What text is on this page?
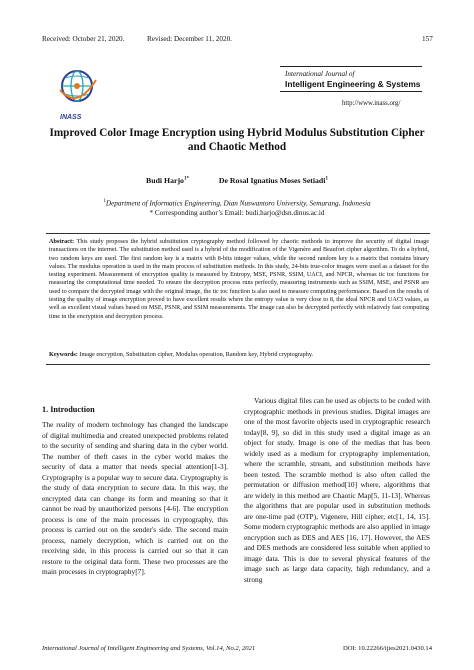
Received: October 21, 2020.	Revised: December 11, 2020.	157
INASS
International Journal of
Intelligent Engineering & Systems
http://www.inass.org/
Improved Color Image Encryption using Hybrid Modulus Substitution Cipher
and Chaotic Method
Budi Harjo$^{1*}$	De Rosal Ignatius Moses Setiadi$^1$
$^1$Department of Informatics Engineering, Dian Nuswantoro University, Semarang, Indonesia
* Corresponding author’s Email: budi.harjo@dsn.dinus.ac.id
Abstract: This study proposes the hybrid substitution cryptography method followed by chaotic methods to improve the security of digital image transactions on the internet. The substitution method used is a hybrid of the modification of the Vigenère and Beaufort cipher algorithm. To do a hybrid, two random keys are used. The first random key is a matrix with 8-bits integer values, while the second random key is a matrix that contains binary values. The modulus operation is used in the main process of substitution methods. In this study, 24-bits true-color images were used as a dataset for the testing experiment. Measurement of encryption quality is measured by Entropy, MSE, PSNR, SSIM, UACI, and NPCR, whereas tic toc functions for measuring the computational time needed. To ensure the decryption process runs perfectly, measuring instruments such as SSIM, MSE, and PSNR are used to compare the decrypted image with the original image, the tic toc function is also used to measure computing performance. Based on the results of testing the quality of image encryption proved to have excellent results where the entropy value is very close to 8, the ideal NPCR and UACI values, as well as excellent visual values based on MSE, PSNR, and SSIM measurements. The image can also be decrypted perfectly with relatively fast computing time in the encryption and decryption process.
Keywords: Image encryption, Substitution cipher, Modulus operation, Random key, Hybrid cryptography.
1. Introduction

The reality of modern technology has changed the landscape of digital multimedia and created unexpected problems related to the security of sending and sharing data in the cyber world. The number of theft cases in the cyber world makes the security of data a matter that needs special attention[1-3]. Cryptography is a popular way to secure data. Cryptography is the study of data encryption to secure data. In this way, the encrypted data can change its form and meaning so that it cannot be read by unauthorized persons [4-6]. The encryption process is one of the main processes in cryptography, this process is carried out on the sender's side. The second main process, namely decryption, which is carried out on the receiving side, in this process is carried out so that it can restore to the original data form. These two processes are the main processes in cryptography[7].

Various digital files can be used as objects to be coded with cryptographic methods in previous studies. Digital images are one of the most favorite objects used in cryptographic research today[8, 9], so did in this study used a digital image as an object for study. Image is one of the medias that has been widely used as a medium for cryptography implementation, where the scramble, stream, and substitution methods have been tested. The scramble method is also often called the permutation or diffusion method[10] where, algorithms that are widely in this method are Chaotic Map[5, 11-13]. Whereas the algorithms that are popular used in substitution methods are one-time pad (OTP), Vigenere, Hill cipher, etc[1, 14, 15]. Some modern cryptographic methods are also applied in image encryption such as DES and AES [16, 17]. However, the AES and DES methods are considered less suitable when applied to image data. This is due to several physical features of the image such as large data capacity, high redundancy, and a strong

International Journal of Intelligent Engineering and Systems, Vol.14, No.2, 2021	DOI: 10.22266/ijies2021.0430.14
